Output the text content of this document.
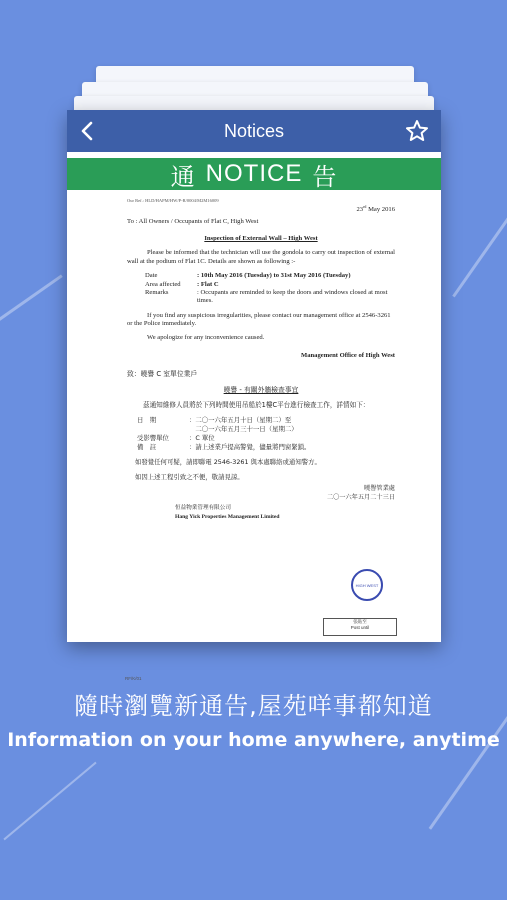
Notices
通 NOTICE 告
Our Ref.: HLD/HAPM/HW/P-R/0004/M2M16009
23rd May 2016
To : All Owners / Occupants of Flat C, High West
Inspection of External Wall – High West
Please be informed that the technician will use the gondola to carry out inspection of external wall at the podium of Flat 1C. Details are shown as following :-
Date	: 10th May 2016 (Tuesday) to 31st May 2016 (Tuesday)
Area affected	: Flat C
Remarks	: Occupants are reminded to keep the doors and windows closed at most times.
If you find any suspicious irregularities, please contact our management office at 2546-3261 or the Police immediately.
We apologize for any inconvenience caused.
Management Office of High West
致：曉譽 C 室單位業戶
曉譽 - 有關外牆檢查事宜
茲通知維修人員將於下列時間使用吊船於1樓C平台進行檢查工作，詳情如下：
日　期	：二〇一六年五月十日（星期二）至
　二〇一六年五月三十一日（星期二）
受影響單位	：C 單位
備　註	：請上述業戶提高警覺，儘量將門窗緊鎖。
如發覺任何可疑，請即聯電 2546-3261 與本處聯絡或通知警方。
如因上述工程引致之不便，敬請見諒。
曉譽管業處
二〇一六年五月二十三日
恒益物業管理有限公司
Hang Yick Properties Management Limited
RF/K/01
HIGH WEST
張貼至
Post until
隨時瀏覽新通告,屋苑咩事都知道
Information on your home anywhere, anytime
